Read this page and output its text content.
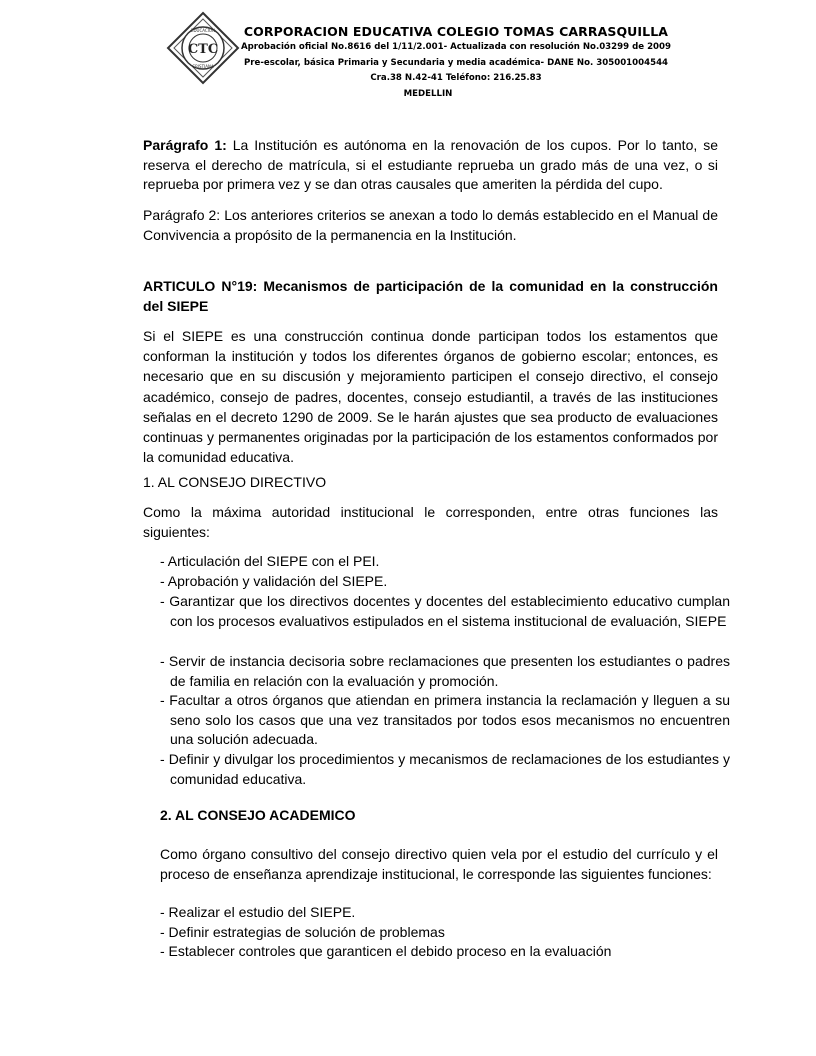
CTC
EDUCACION
CRISTIANA
CORPORACION EDUCATIVA COLEGIO TOMAS CARRASQUILLA
Aprobación oficial No.8616 del 1/11/2.001- Actualizada con resolución No.03299 de 2009
Pre-escolar, básica Primaria y Secundaria y media académica- DANE No. 305001004544
Cra.38 N.42-41 Teléfono: 216.25.83
MEDELLIN

Parágrafo 1: La Institución es autónoma en la renovación de los cupos. Por lo tanto, se reserva el derecho de matrícula, si el estudiante reprueba un grado más de una vez, o si reprueba por primera vez y se dan otras causales que ameriten la pérdida del cupo.

Parágrafo 2: Los anteriores criterios se anexan a todo lo demás establecido en el Manual de Convivencia a propósito de la permanencia en la Institución.

ARTICULO N°19: Mecanismos de participación de la comunidad en la construcción del SIEPE

Si el SIEPE es una construcción continua donde participan todos los estamentos que conforman la institución y todos los diferentes órganos de gobierno escolar; entonces, es necesario que en su discusión y mejoramiento participen el consejo directivo, el consejo académico, consejo de padres, docentes, consejo estudiantil, a través de las instituciones señalas en el decreto 1290 de 2009. Se le harán ajustes que sea producto de evaluaciones continuas y permanentes originadas por la participación de los estamentos conformados por la comunidad educativa.

1. AL CONSEJO DIRECTIVO

Como la máxima autoridad institucional le corresponden, entre otras funciones las siguientes:

- Articulación del SIEPE con el PEI.
- Aprobación y validación del SIEPE.
- Garantizar que los directivos docentes y docentes del establecimiento educativo cumplan con los procesos evaluativos estipulados en el sistema institucional de evaluación, SIEPE
- Servir de instancia decisoria sobre reclamaciones que presenten los estudiantes o padres de familia en relación con la evaluación y promoción.
- Facultar a otros órganos que atiendan en primera instancia la reclamación y lleguen a su seno solo los casos que una vez transitados por todos esos mecanismos no encuentren una solución adecuada.
- Definir y divulgar los procedimientos y mecanismos de reclamaciones de los estudiantes y comunidad educativa.
2. AL CONSEJO ACADEMICO
Como órgano consultivo del consejo directivo quien vela por el estudio del currículo y el proceso de enseñanza aprendizaje institucional, le corresponde las siguientes funciones:
- Realizar el estudio del SIEPE.
- Definir estrategias de solución de problemas
- Establecer controles que garanticen el debido proceso en la evaluación
